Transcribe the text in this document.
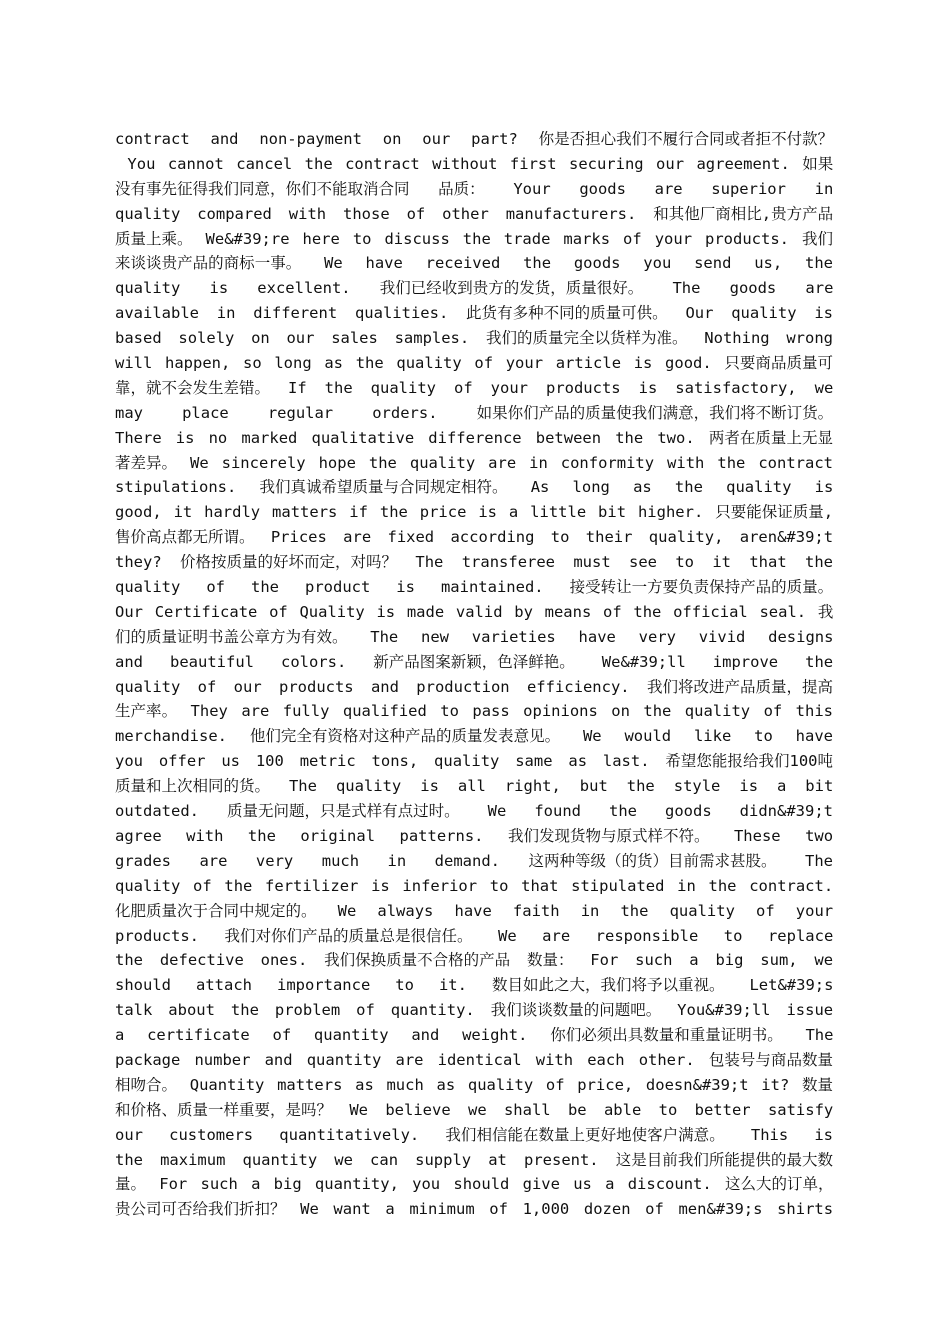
contract and non-payment on our part? 你是否担心我们不履行合同或者拒不付款？
You cannot cancel the contract without first securing our agreement. 如果
没有事先征得我们同意，你们不能取消合同 品质： Your goods are superior in
quality compared with those of other manufacturers. 和其他厂商相比,贵方产品
质量上乘。 We&#39;re here to discuss the trade marks of your products. 我们
来谈谈贵产品的商标一事。 We have received the goods you send us, the
quality is excellent. 我们已经收到贵方的发货，质量很好。 The goods are
available in different qualities. 此货有多种不同的质量可供。 Our quality is
based solely on our sales samples. 我们的质量完全以货样为准。 Nothing wrong
will happen, so long as the quality of your article is good. 只要商品质量可
靠，就不会发生差错。 If the quality of your products is satisfactory, we
may place regular orders. 如果你们产品的质量使我们满意，我们将不断订货。
There is no marked qualitative difference between the two. 两者在质量上无显
著差异。 We sincerely hope the quality are in conformity with the contract
stipulations. 我们真诚希望质量与合同规定相符。 As long as the quality is
good, it hardly matters if the price is a little bit higher. 只要能保证质量,
售价高点都无所谓。 Prices are fixed according to their quality, aren&#39;t
they? 价格按质量的好坏而定，对吗？ The transferee must see to it that the
quality of the product is maintained. 接受转让一方要负责保持产品的质量。
Our Certificate of Quality is made valid by means of the official seal. 我
们的质量证明书盖公章方为有效。 The new varieties have very vivid designs
and beautiful colors. 新产品图案新颖，色泽鲜艳。 We&#39;ll improve the
quality of our products and production efficiency. 我们将改进产品质量，提高
生产率。 They are fully qualified to pass opinions on the quality of this
merchandise. 他们完全有资格对这种产品的质量发表意见。 We would like to have
you offer us 100 metric tons, quality same as last. 希望您能报给我们100吨
质量和上次相同的货。 The quality is all right, but the style is a bit
outdated. 质量无问题，只是式样有点过时。 We found the goods didn&#39;t
agree with the original patterns. 我们发现货物与原式样不符。 These two
grades are very much in demand. 这两种等级（的货）目前需求甚股。 The
quality of the fertilizer is inferior to that stipulated in the contract.
化肥质量次于合同中规定的。 We always have faith in the quality of your
products. 我们对你们产品的质量总是很信任。 We are responsible to replace
the defective ones. 我们保换质量不合格的产品 数量： For such a big sum, we
should attach importance to it. 数目如此之大，我们将予以重视。 Let&#39;s
talk about the problem of quantity. 我们谈谈数量的问题吧。 You&#39;ll issue
a certificate of quantity and weight. 你们必须出具数量和重量证明书。 The
package number and quantity are identical with each other. 包装号与商品数量
相吻合。 Quantity matters as much as quality of price, doesn&#39;t it? 数量
和价格、质量一样重要，是吗？ We believe we shall be able to better satisfy
our customers quantitatively. 我们相信能在数量上更好地使客户满意。 This is
the maximum quantity we can supply at present. 这是目前我们所能提供的最大数
量。 For such a big quantity, you should give us a discount. 这么大的订单，
贵公司可否给我们折扣？ We want a minimum of 1,000 dozen of men&#39;s shirts
